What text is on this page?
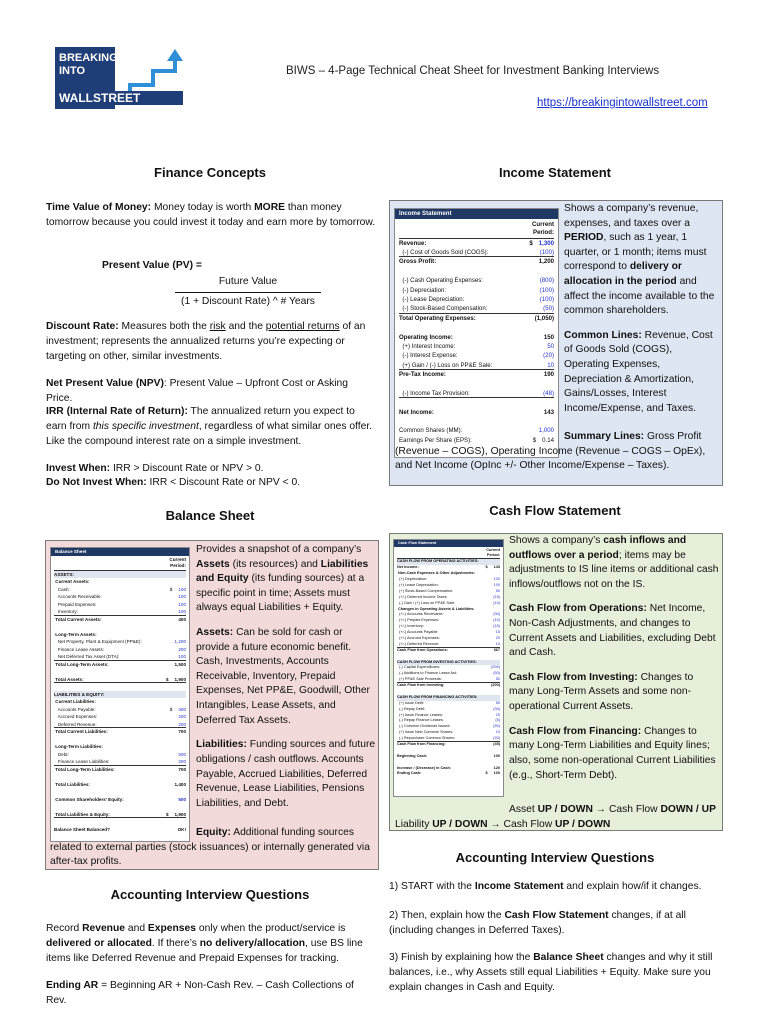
BREAKING
INTO
WALLSTREET
BIWS – 4-Page Technical Cheat Sheet for Investment Banking Interviews
https://breakingintowallstreet.com
Finance Concepts	Income Statement
Balance Sheet	Cash Flow Statement
Accounting Interview Questions
Accounting Interview Questions
Time Value of Money: Money today is worth MORE than money tomorrow because you could invest it today and earn more by tomorrow.
Present Value (PV) =
Future Value
(1 + Discount Rate) ^ # Years
Discount Rate: Measures both the risk and the potential returns of an investment; represents the annualized returns you’re expecting or targeting on other, similar investments.
Net Present Value (NPV): Present Value – Upfront Cost or Asking Price.
IRR (Internal Rate of Return): The annualized return you expect to earn from this specific investment, regardless of what similar ones offer. Like the compound interest rate on a simple investment.
Invest When: IRR > Discount Rate or NPV > 0.
Do Not Invest When: IRR < Discount Rate or NPV < 0.
Income Statement
Current
Period:
Revenue:	$ 1,300
(-) Cost of Goods Sold (COGS):	(100)
Gross Profit:	1,200
(-) Cash Operating Expenses:	(800)
(-) Depreciation:	(100)
(-) Lease Depreciation:	(100)
(-) Stock-Based Compensation:	(50)
Total Operating Expenses:	(1,050)
Operating Income:	150
(+) Interest Income:	50
(-) Interest Expense:	(20)
(+) Gain / (-) Loss on PP&E Sale:	10
Pre-Tax Income:	190
(-) Income Tax Provision:	(48)
Net Income:	143
Common Shares (MM):	1,000
Earnings Per Share (EPS):	$ 0.14

Shows a company’s revenue, expenses, and taxes over a PERIOD, such as 1 year, 1 quarter, or 1 month; items must correspond to delivery or allocation in the period and affect the income available to the common shareholders.

Common Lines: Revenue, Cost of Goods Sold (COGS), Operating Expenses, Depreciation & Amortization, Gains/Losses, Interest Income/Expense, and Taxes.

Summary Lines: Gross Profit (Revenue – COGS), Operating Income (Revenue – COGS – OpEx), and Net Income (OpInc +/- Other Income/Expense – Taxes).
Balance Sheet
Current
Period:
ASSETS:
Current Assets:
Cash:	$ 100
Accounts Receivable:	100
Prepaid Expenses:	100
Inventory:	100
Total Current Assets:	400
Long-Term Assets:
Net Property, Plant & Equipment (PP&E):	1,200
Finance Lease Assets:	200
Net Deferred Tax Asset (DTA):	100
Total Long-Term Assets:	1,500
Total Assets:	$ 1,900
LIABILITIES & EQUITY:
Current Liabilities:
Accounts Payable:	$ 300
Accrued Expenses:	200
Deferred Revenue:	200
Total Current Liabilities:	700
Long-Term Liabilities:
Debt:	500
Finance Lease Liabilities:	200
Total Long-Term Liabilities:	700
Total Liabilities:	1,400
Common Shareholders' Equity:	500
Total Liabilities & Equity:	$ 1,900
Balance Sheet Balanced?	OK!

Provides a snapshot of a company’s Assets (its resources) and Liabilities and Equity (its funding sources) at a specific point in time; Assets must always equal Liabilities + Equity.

Assets: Can be sold for cash or provide a future economic benefit. Cash, Investments, Accounts Receivable, Inventory, Prepaid Expenses, Net PP&E, Goodwill, Other Intangibles, Lease Assets, and Deferred Tax Assets.

Liabilities: Funding sources and future obligations / cash outflows. Accounts Payable, Accrued Liabilities, Deferred Revenue, Lease Liabilities, Pensions Liabilities, and Debt.

Equity: Additional funding sources related to external parties (stock issuances) or internally generated via after-tax profits.
Cash Flow Statement
Current
Period:
CASH FLOW FROM OPERATING ACTIVITIES:
Net Income:	$ 143
Non-Cash Expenses & Other Adjustments:
(+) Depreciation:	100
(+) Lease Depreciation:	100
(+) Stock-Based Compensation:	50
(+/-) Deferred Income Taxes:	(15)
(-) Gain / (+) Loss on PP&E Sale:	(10)
Changes in Operating Assets & Liabilities:
(+/-) Accounts Receivable:	(30)
(+/-) Prepaid Expenses:	(10)
(+/-) Inventory:	(15)
(+/-) Accounts Payable:	15
(+/-) Accrued Expenses:	20
(+/-) Deferred Revenue:	10
Cash Flow from Operations:	367
CASH FLOW FROM INVESTING ACTIVITIES:
(-) Capital Expenditures:	(200)
(-) Additions to Finance Lease Ast:	(50)
(+) PP&E Sale Proceeds:	50
Cash Flow from Investing:	(200)
CASH FLOW FROM FINANCING ACTIVITIES:
(+) Issue Debt:	50
(-) Repay Debt:	(30)
(+) Issue Finance Leases:	20
(-) Repay Finance Leases:	(5)
(-) Common Dividends Issued:	(50)
(+) Issue New Common Shares:	10
(-) Repurchase Common Shares:	(20)
Cash Flow from Financing:	(45)
Beginning Cash:	100
Increase / (Decrease) in Cash:	120
Ending Cash:	$ 100

Shows a company’s cash inflows and outflows over a period; items may be adjustments to IS line items or additional cash inflows/outflows not on the IS.

Cash Flow from Operations: Net Income, Non-Cash Adjustments, and changes to Current Assets and Liabilities, excluding Debt and Cash.

Cash Flow from Investing: Changes to many Long-Term Assets and some non-operational Current Assets.

Cash Flow from Financing: Changes to many Long-Term Liabilities and Equity lines; also, some non-operational Current Liabilities (e.g., Short-Term Debt).

Asset UP / DOWN → Cash Flow DOWN / UP Liability UP / DOWN → Cash Flow UP / DOWN
Record Revenue and Expenses only when the product/service is delivered or allocated. If there’s no delivery/allocation, use BS line items like Deferred Revenue and Prepaid Expenses for tracking.
Ending AR = Beginning AR + Non-Cash Rev. – Cash Collections of Rev.
1) START with the Income Statement and explain how/if it changes.
2) Then, explain how the Cash Flow Statement changes, if at all (including changes in Deferred Taxes).
3) Finish by explaining how the Balance Sheet changes and why it still balances, i.e., why Assets still equal Liabilities + Equity. Make sure you explain changes in Cash and Equity.
